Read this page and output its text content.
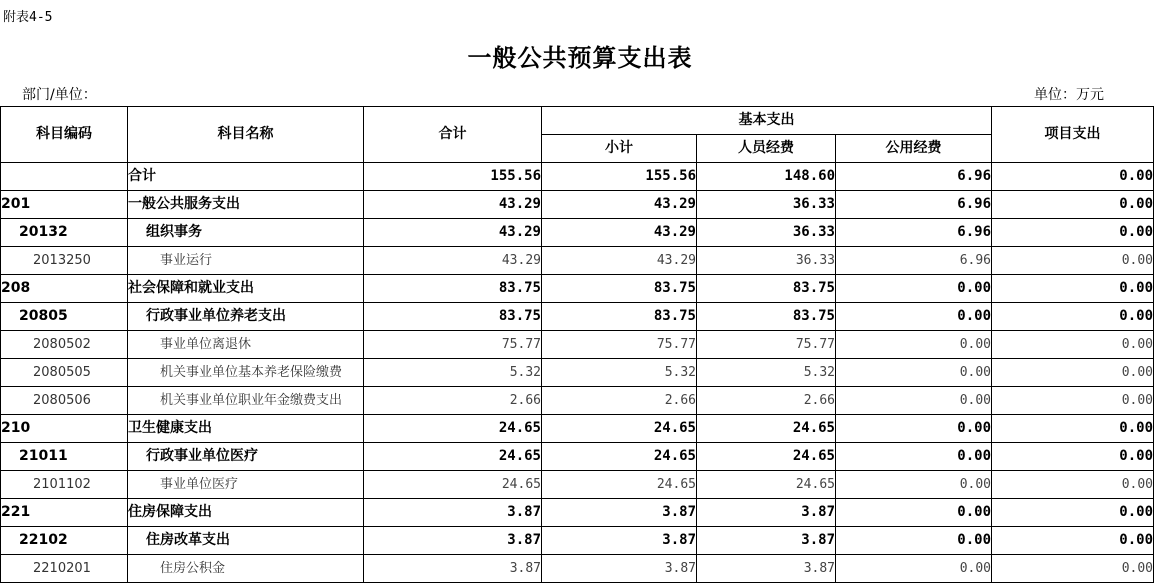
附表4-5
一般公共预算支出表
部门/单位：	单位：万元
科目编码	科目名称	合计	基本支出			项目支出
			小计	人员经费	公用经费	
	合计	155.56	155.56	148.60	6.96	0.00
201	一般公共服务支出	43.29	43.29	36.33	6.96	0.00
20132	组织事务	43.29	43.29	36.33	6.96	0.00
2013250	事业运行	43.29	43.29	36.33	6.96	0.00
208	社会保障和就业支出	83.75	83.75	83.75	0.00	0.00
20805	行政事业单位养老支出	83.75	83.75	83.75	0.00	0.00
2080502	事业单位离退休	75.77	75.77	75.77	0.00	0.00
2080505	机关事业单位基本养老保险缴费	5.32	5.32	5.32	0.00	0.00
2080506	机关事业单位职业年金缴费支出	2.66	2.66	2.66	0.00	0.00
210	卫生健康支出	24.65	24.65	24.65	0.00	0.00
21011	行政事业单位医疗	24.65	24.65	24.65	0.00	0.00
2101102	事业单位医疗	24.65	24.65	24.65	0.00	0.00
221	住房保障支出	3.87	3.87	3.87	0.00	0.00
22102	住房改革支出	3.87	3.87	3.87	0.00	0.00
2210201	住房公积金	3.87	3.87	3.87	0.00	0.00
